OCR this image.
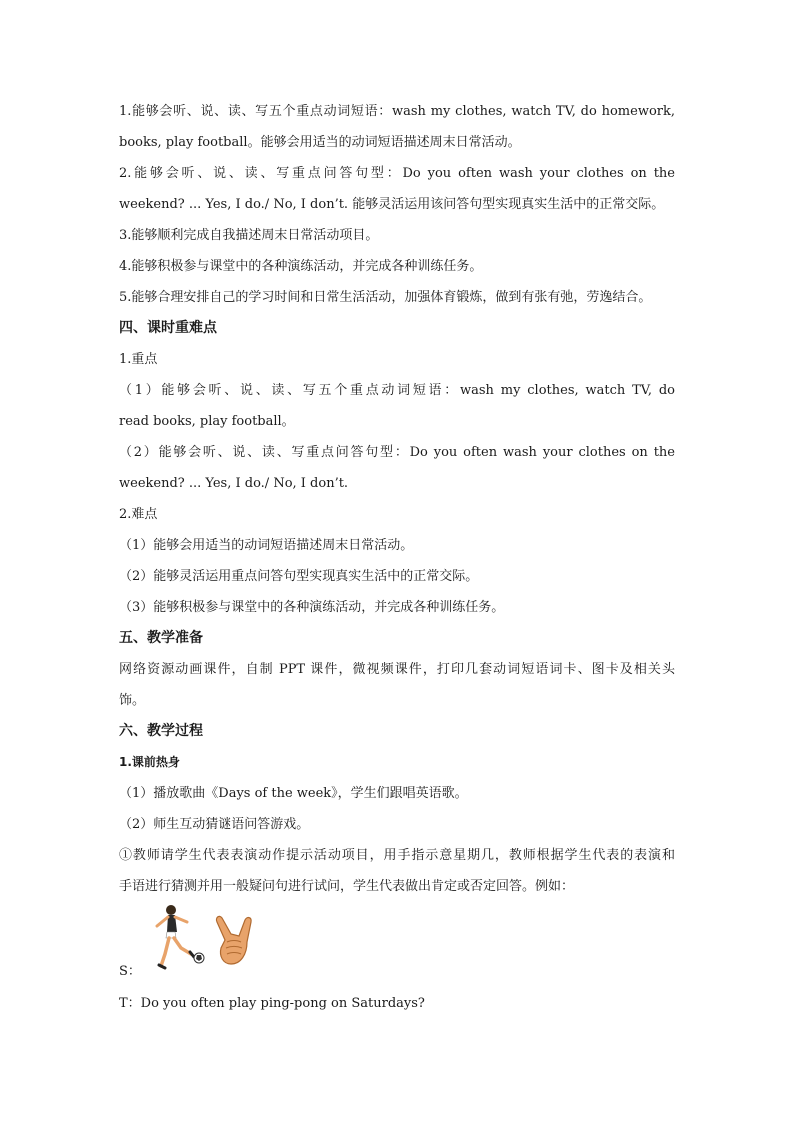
1.能够会听、说、读、写五个重点动词短语：wash my clothes, watch TV, do homework,
books, play football。能够会用适当的动词短语描述周末日常活动。
2.能够会听、说、读、写重点问答句型：Do you often wash your clothes on the
weekend? ... Yes, I do./ No, I don’t. 能够灵活运用该问答句型实现真实生活中的正常交际。
3.能够顺利完成自我描述周末日常活动项目。
4.能够积极参与课堂中的各种演练活动，并完成各种训练任务。
5.能够合理安排自己的学习时间和日常生活活动，加强体育锻炼，做到有张有弛，劳逸结合。
四、课时重难点
1.重点
（1）能够会听、说、读、写五个重点动词短语：wash my clothes, watch TV, do
read books, play football。
（2）能够会听、说、读、写重点问答句型：Do you often wash your clothes on the
weekend? ... Yes, I do./ No, I don’t.
2.难点
（1）能够会用适当的动词短语描述周末日常活动。
（2）能够灵活运用重点问答句型实现真实生活中的正常交际。
（3）能够积极参与课堂中的各种演练活动，并完成各种训练任务。
五、教学准备
网络资源动画课件，自制 PPT 课件，微视频课件，打印几套动词短语词卡、图卡及相关头
饰。
六、教学过程
1.课前热身
（1）播放歌曲《Days of the week》，学生们跟唱英语歌。
（2）师生互动猜谜语问答游戏。
①教师请学生代表表演动作提示活动项目，用手指示意星期几，教师根据学生代表的表演和
手语进行猜测并用一般疑问句进行试问，学生代表做出肯定或否定回答。例如：
S：
T：Do you often play ping-pong on Saturdays?
